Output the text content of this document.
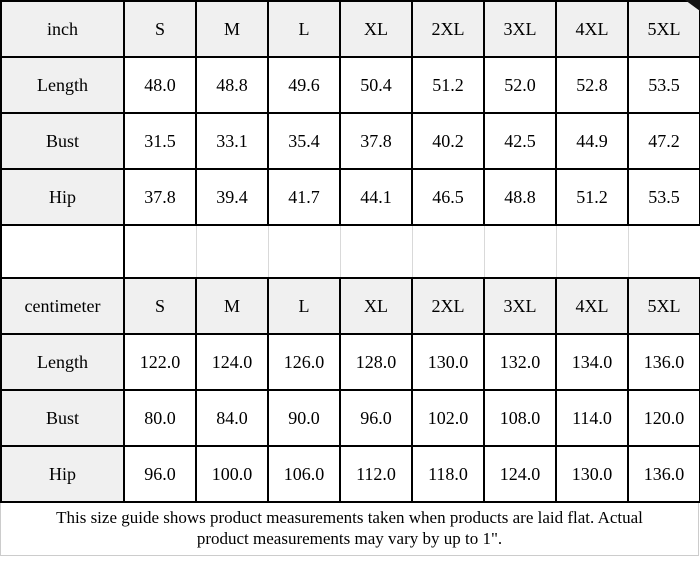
inch	S	M	L	XL	2XL	3XL	4XL	5XL
Length	48.0	48.8	49.6	50.4	51.2	52.0	52.8	53.5
Bust	31.5	33.1	35.4	37.8	40.2	42.5	44.9	47.2
Hip	37.8	39.4	41.7	44.1	46.5	48.8	51.2	53.5

centimeter	S	M	L	XL	2XL	3XL	4XL	5XL
Length	122.0	124.0	126.0	128.0	130.0	132.0	134.0	136.0
Bust	80.0	84.0	90.0	96.0	102.0	108.0	114.0	120.0
Hip	96.0	100.0	106.0	112.0	118.0	124.0	130.0	136.0

This size guide shows product measurements taken when products are laid flat. Actual product measurements may vary by up to 1".
